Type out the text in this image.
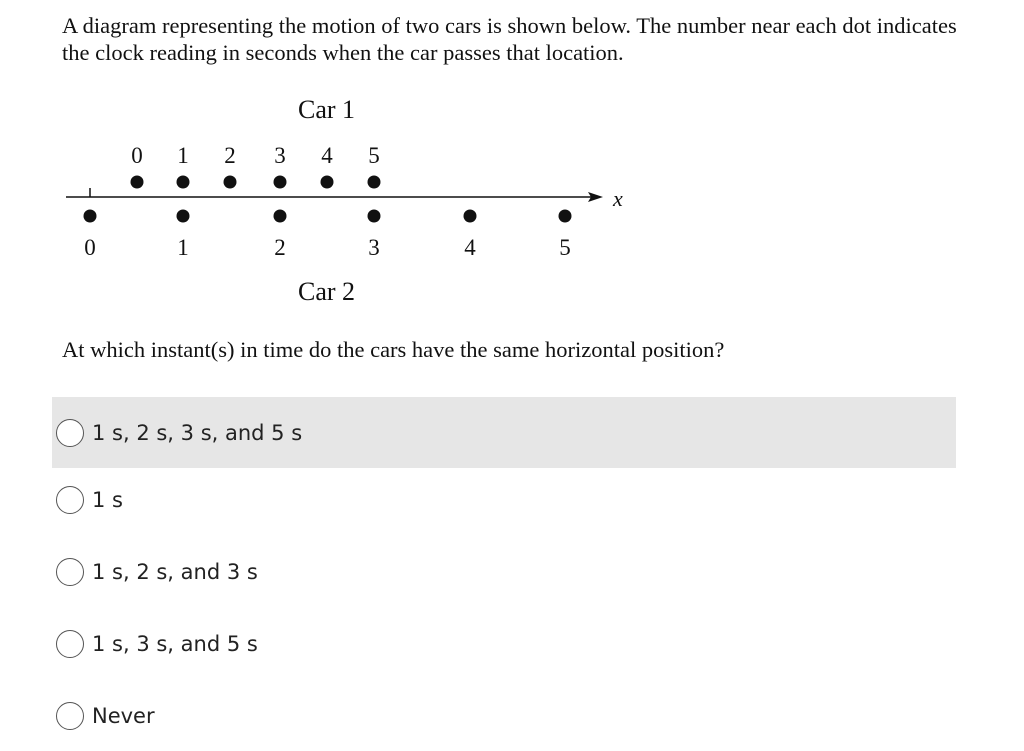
A diagram representing the motion of two cars is shown below. The number near each dot indicates the clock reading in seconds when the car passes that location.

Car 1
0 1 2 3 4 5
x
0	1	2	3	4	5
Car 2

At which instant(s) in time do the cars have the same horizontal position?

1 s, 2 s, 3 s, and 5 s
1 s
1 s, 2 s, and 3 s
1 s, 3 s, and 5 s
Never
